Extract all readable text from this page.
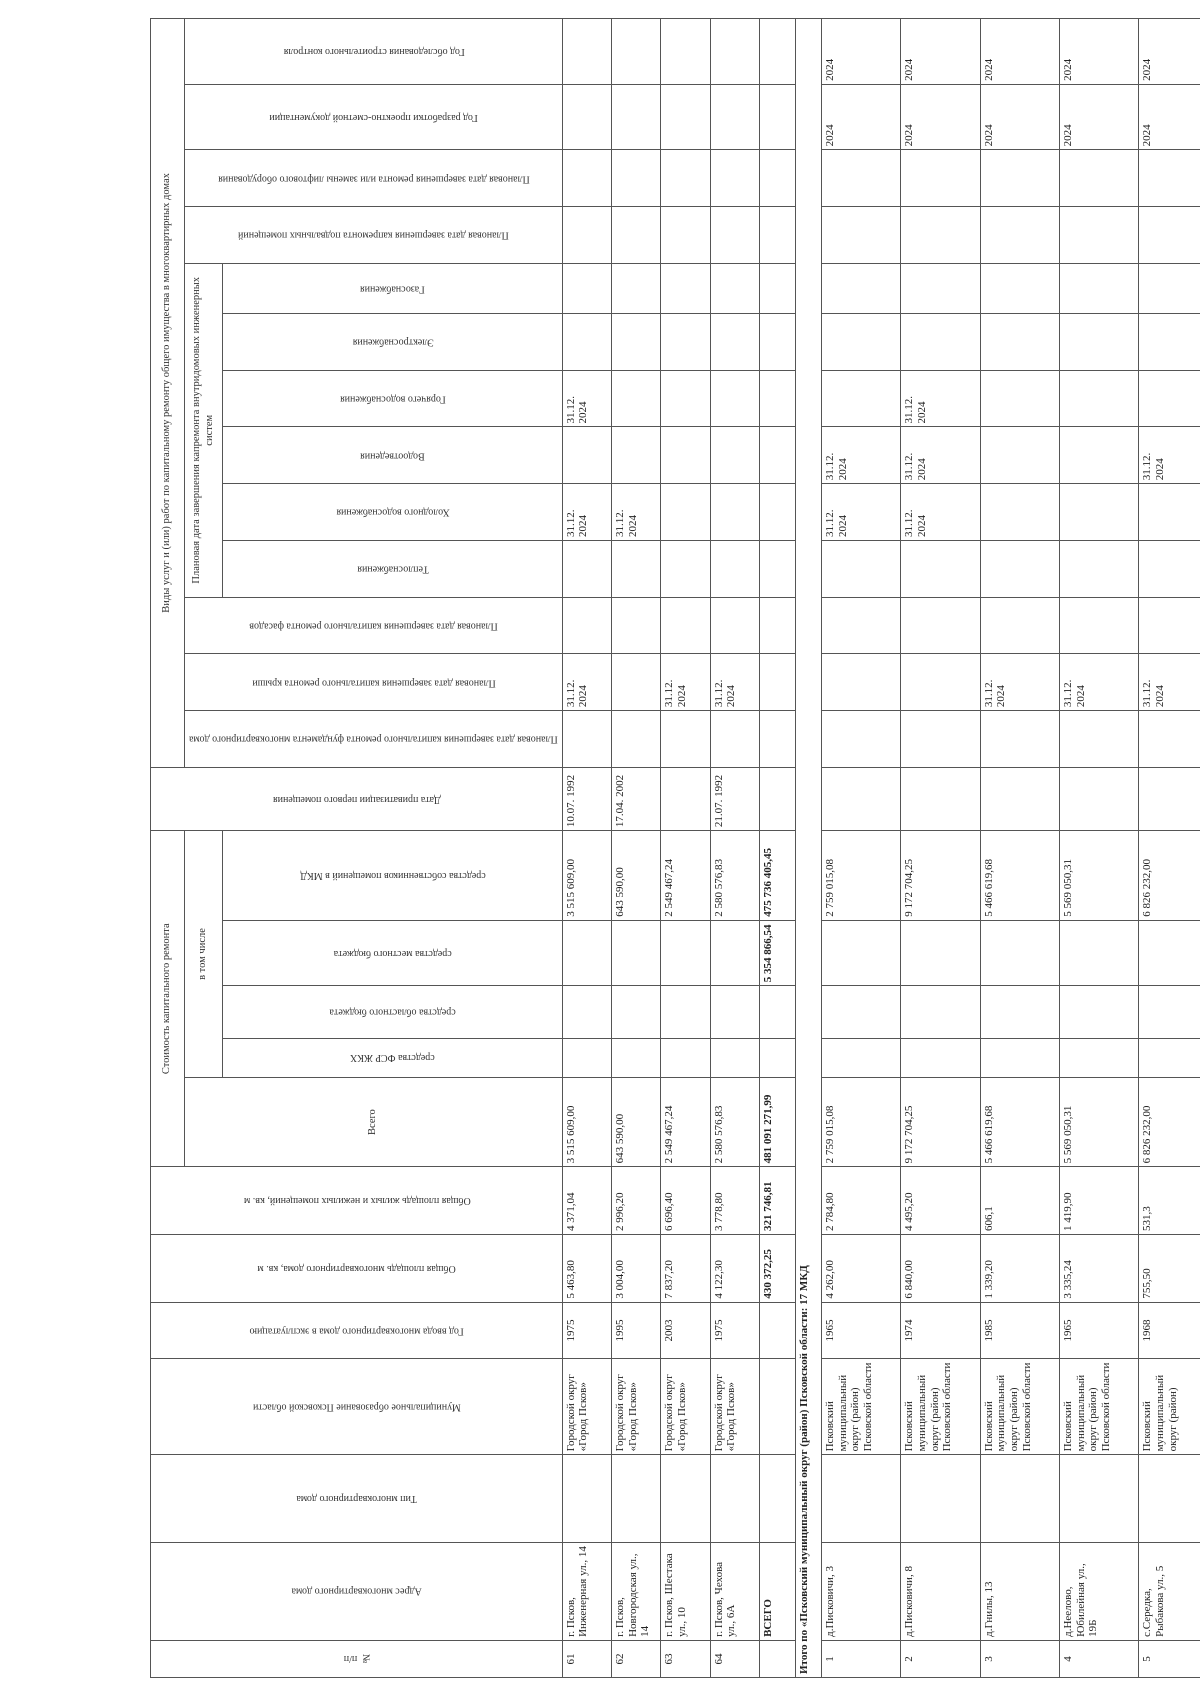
№ п/п	Адрес многоквартирного дома	Тип многоквартирного дома	Муниципальное образование Псковской области	Год ввода многоквартирного дома в эксплуатацию	Общая площадь многоквартирного дома, кв. м	Общая площадь жилых и нежилых помещений, кв. м	Стоимость капитального ремонта					Дата приватизации первого помещения	Виды услуг и (или) работ по капитальному ремонту общего имущества в многоквартирных домах												
							Всего	в том числе					Плановая дата завершения капитального ремонта фундамента многоквартирного дома	Плановая дата завершения капитального ремонта крыши	Плановая дата завершения капитального ремонта фасадов	Плановая дата завершения капремонта внутридомовых инженерных систем						Плановая дата завершения капремонта подвальных помещений	Плановая дата завершения ремонта или замены лифтового оборудования	Год разработки проектно-сметной документации	Год обследования строительного контроля
								средства ФСР ЖКХ	средства областного бюджета	средства местного бюджета	средства собственников помещений в МКД					Теплоснабжения	Холодного водоснабжения	Водоотведения	Горячего водоснабжения	Электроснабжения	Газоснабжения				
61	г. Псков, Инженерная ул., 14		Городской округ «Город Псков»	1975	5 463,80	4 371,04	3 515 609,00				3 515 609,00	10.07. 1992		31.12. 2024			31.12. 2024		31.12. 2024						
62	г. Псков, Новгородская ул., 14		Городской округ «Город Псков»	1995	3 004,00	2 996,20	643 590,00				643 590,00	17.04. 2002					31.12. 2024								
63	г. Псков, Шестака ул., 10		Городской округ «Город Псков»	2003	7 837,20	6 696,40	2 549 467,24				2 549 467,24			31.12. 2024											
64	г. Псков, Чехова ул., 6А		Городской округ «Город Псков»	1975	4 122,30	3 778,80	2 580 576,83				2 580 576,83	21.07. 1992		31.12. 2024											
	ВСЕГО				430 372,25	321 746,81	481 091 271,99			5 354 866,54	475 736 405,45														
Итого по «Псковский муниципальный округ (район) Псковской области: 17 МКД																									
1	д.Писковичи, 3		Псковский муниципальный округ (район) Псковской области	1965	4 262,00	2 784,80	2 759 015,08				2 759 015,08						31.12. 2024	31.12. 2024						2024	2024
2	д.Писковичи, 8		Псковский муниципальный округ (район) Псковской области	1974	6 840,00	4 495,20	9 172 704,25				9 172 704,25						31.12. 2024	31.12. 2024	31.12. 2024					2024	2024
3	д.Гнилы, 13		Псковский муниципальный округ (район) Псковской области	1985	1 339,20	606,1	5 466 619,68				5 466 619,68			31.12. 2024										2024	2024
4	д.Неелово, Юбилейная ул., 19Б		Псковский муниципальный округ (район) Псковской области	1965	3 335,24	1 419,90	5 569 050,31				5 569 050,31			31.12. 2024										2024	2024
5	с.Середка, Рыбакова ул., 5		Псковский муниципальный округ (район)	1968	755,50	531,3	6 826 232,00				6 826 232,00			31.12. 2024				31.12. 2024						2024	2024
